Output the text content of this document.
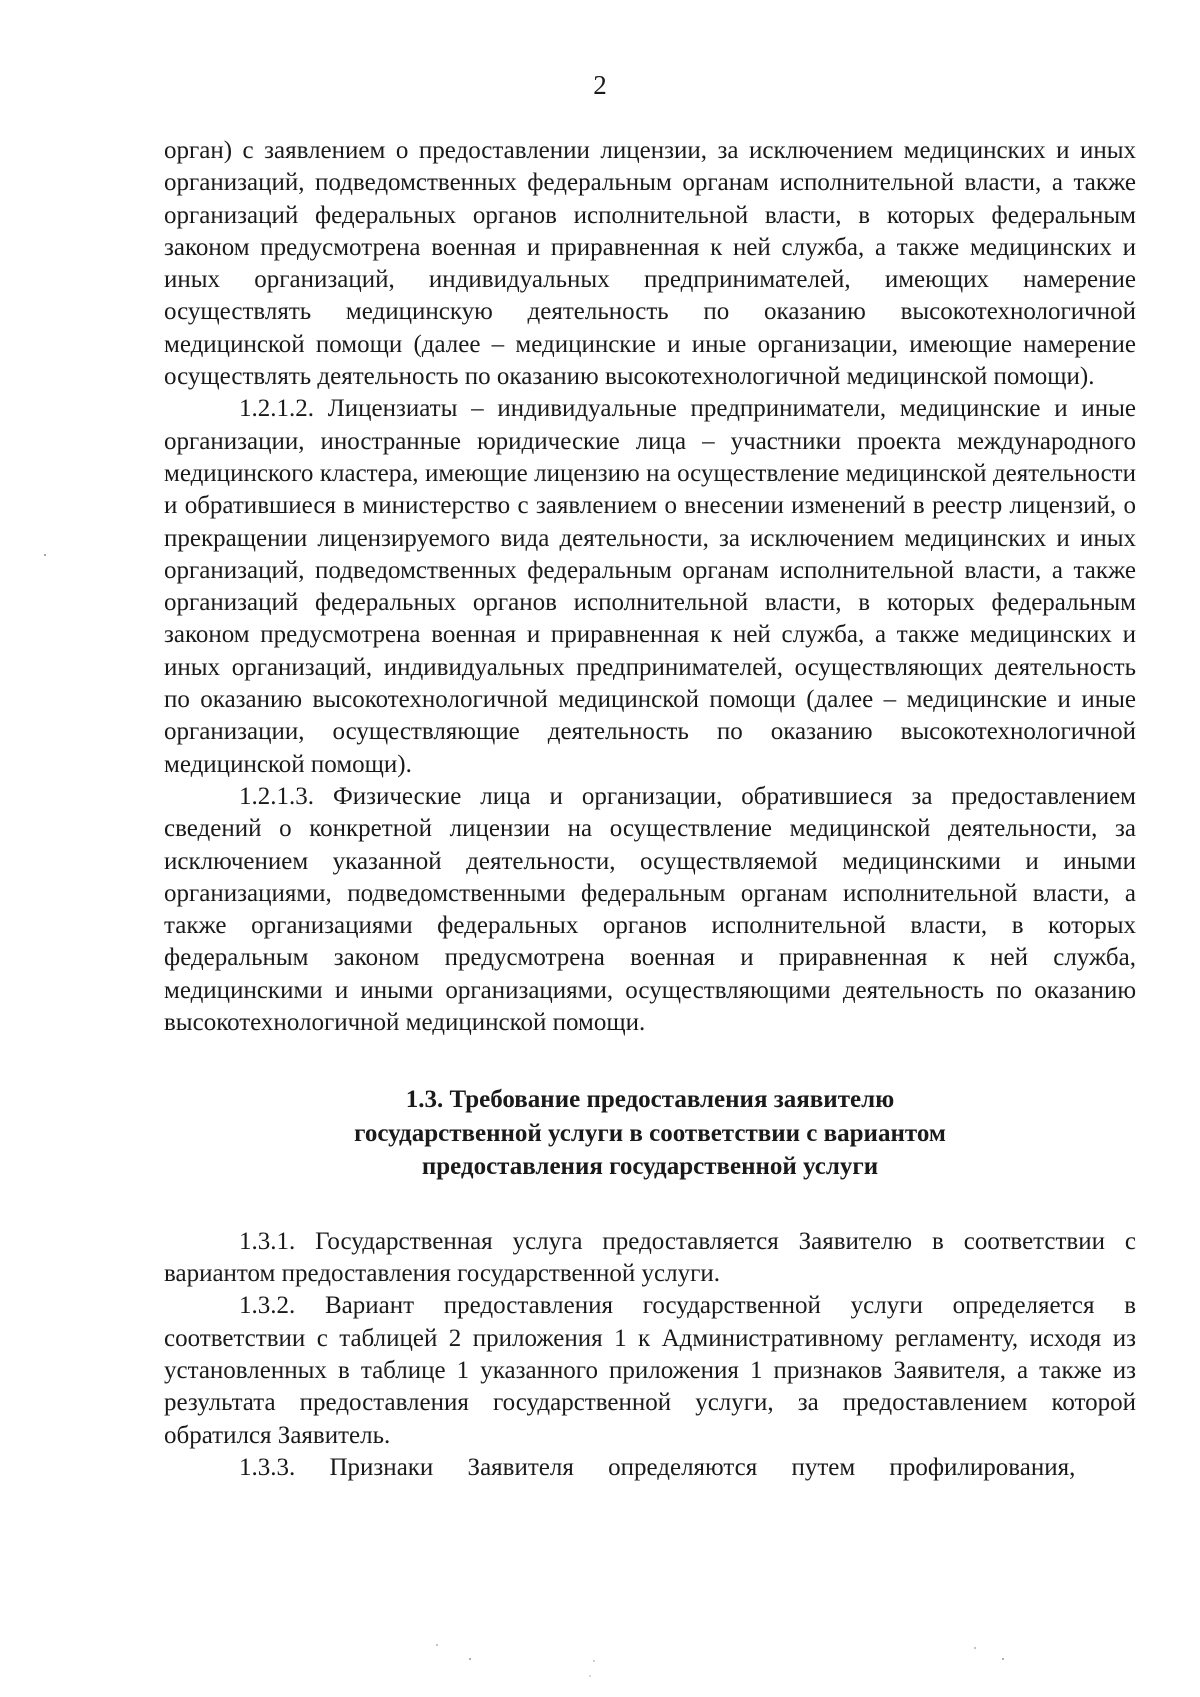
2

орган) с заявлением о предоставлении лицензии, за исключением медицинских и иных организаций, подведомственных федеральным органам исполнительной власти, а также организаций федеральных органов исполнительной власти, в которых федеральным законом предусмотрена военная и приравненная к ней служба, а также медицинских и иных организаций, индивидуальных предпринимателей, имеющих намерение осуществлять медицинскую деятельность по оказанию высокотехнологичной медицинской помощи (далее – медицинские и иные организации, имеющие намерение осуществлять деятельность по оказанию высокотехнологичной медицинской помощи).

1.2.1.2. Лицензиаты – индивидуальные предприниматели, медицинские и иные организации, иностранные юридические лица – участники проекта международного медицинского кластера, имеющие лицензию на осуществление медицинской деятельности и обратившиеся в министерство с заявлением о внесении изменений в реестр лицензий, о прекращении лицензируемого вида деятельности, за исключением медицинских и иных организаций, подведомственных федеральным органам исполнительной власти, а также организаций федеральных органов исполнительной власти, в которых федеральным законом предусмотрена военная и приравненная к ней служба, а также медицинских и иных организаций, индивидуальных предпринимателей, осуществляющих деятельность по оказанию высокотехнологичной медицинской помощи (далее – медицинские и иные организации, осуществляющие деятельность по оказанию высокотехнологичной медицинской помощи).

1.2.1.3. Физические лица и организации, обратившиеся за предоставлением сведений о конкретной лицензии на осуществление медицинской деятельности, за исключением указанной деятельности, осуществляемой медицинскими и иными организациями, подведомственными федеральным органам исполнительной власти, а также организациями федеральных органов исполнительной власти, в которых федеральным законом предусмотрена военная и приравненная к ней служба, медицинскими и иными организациями, осуществляющими деятельность по оказанию высокотехнологичной медицинской помощи.

1.3. Требование предоставления заявителю
государственной услуги в соответствии с вариантом
предоставления государственной услуги

1.3.1. Государственная услуга предоставляется Заявителю в соответствии с вариантом предоставления государственной услуги.

1.3.2. Вариант предоставления государственной услуги определяется в соответствии с таблицей 2 приложения 1 к Административному регламенту, исходя из установленных в таблице 1 указанного приложения 1 признаков Заявителя, а также из результата предоставления государственной услуги, за предоставлением которой обратился Заявитель.

1.3.3. Признаки Заявителя определяются путем профилирования,
